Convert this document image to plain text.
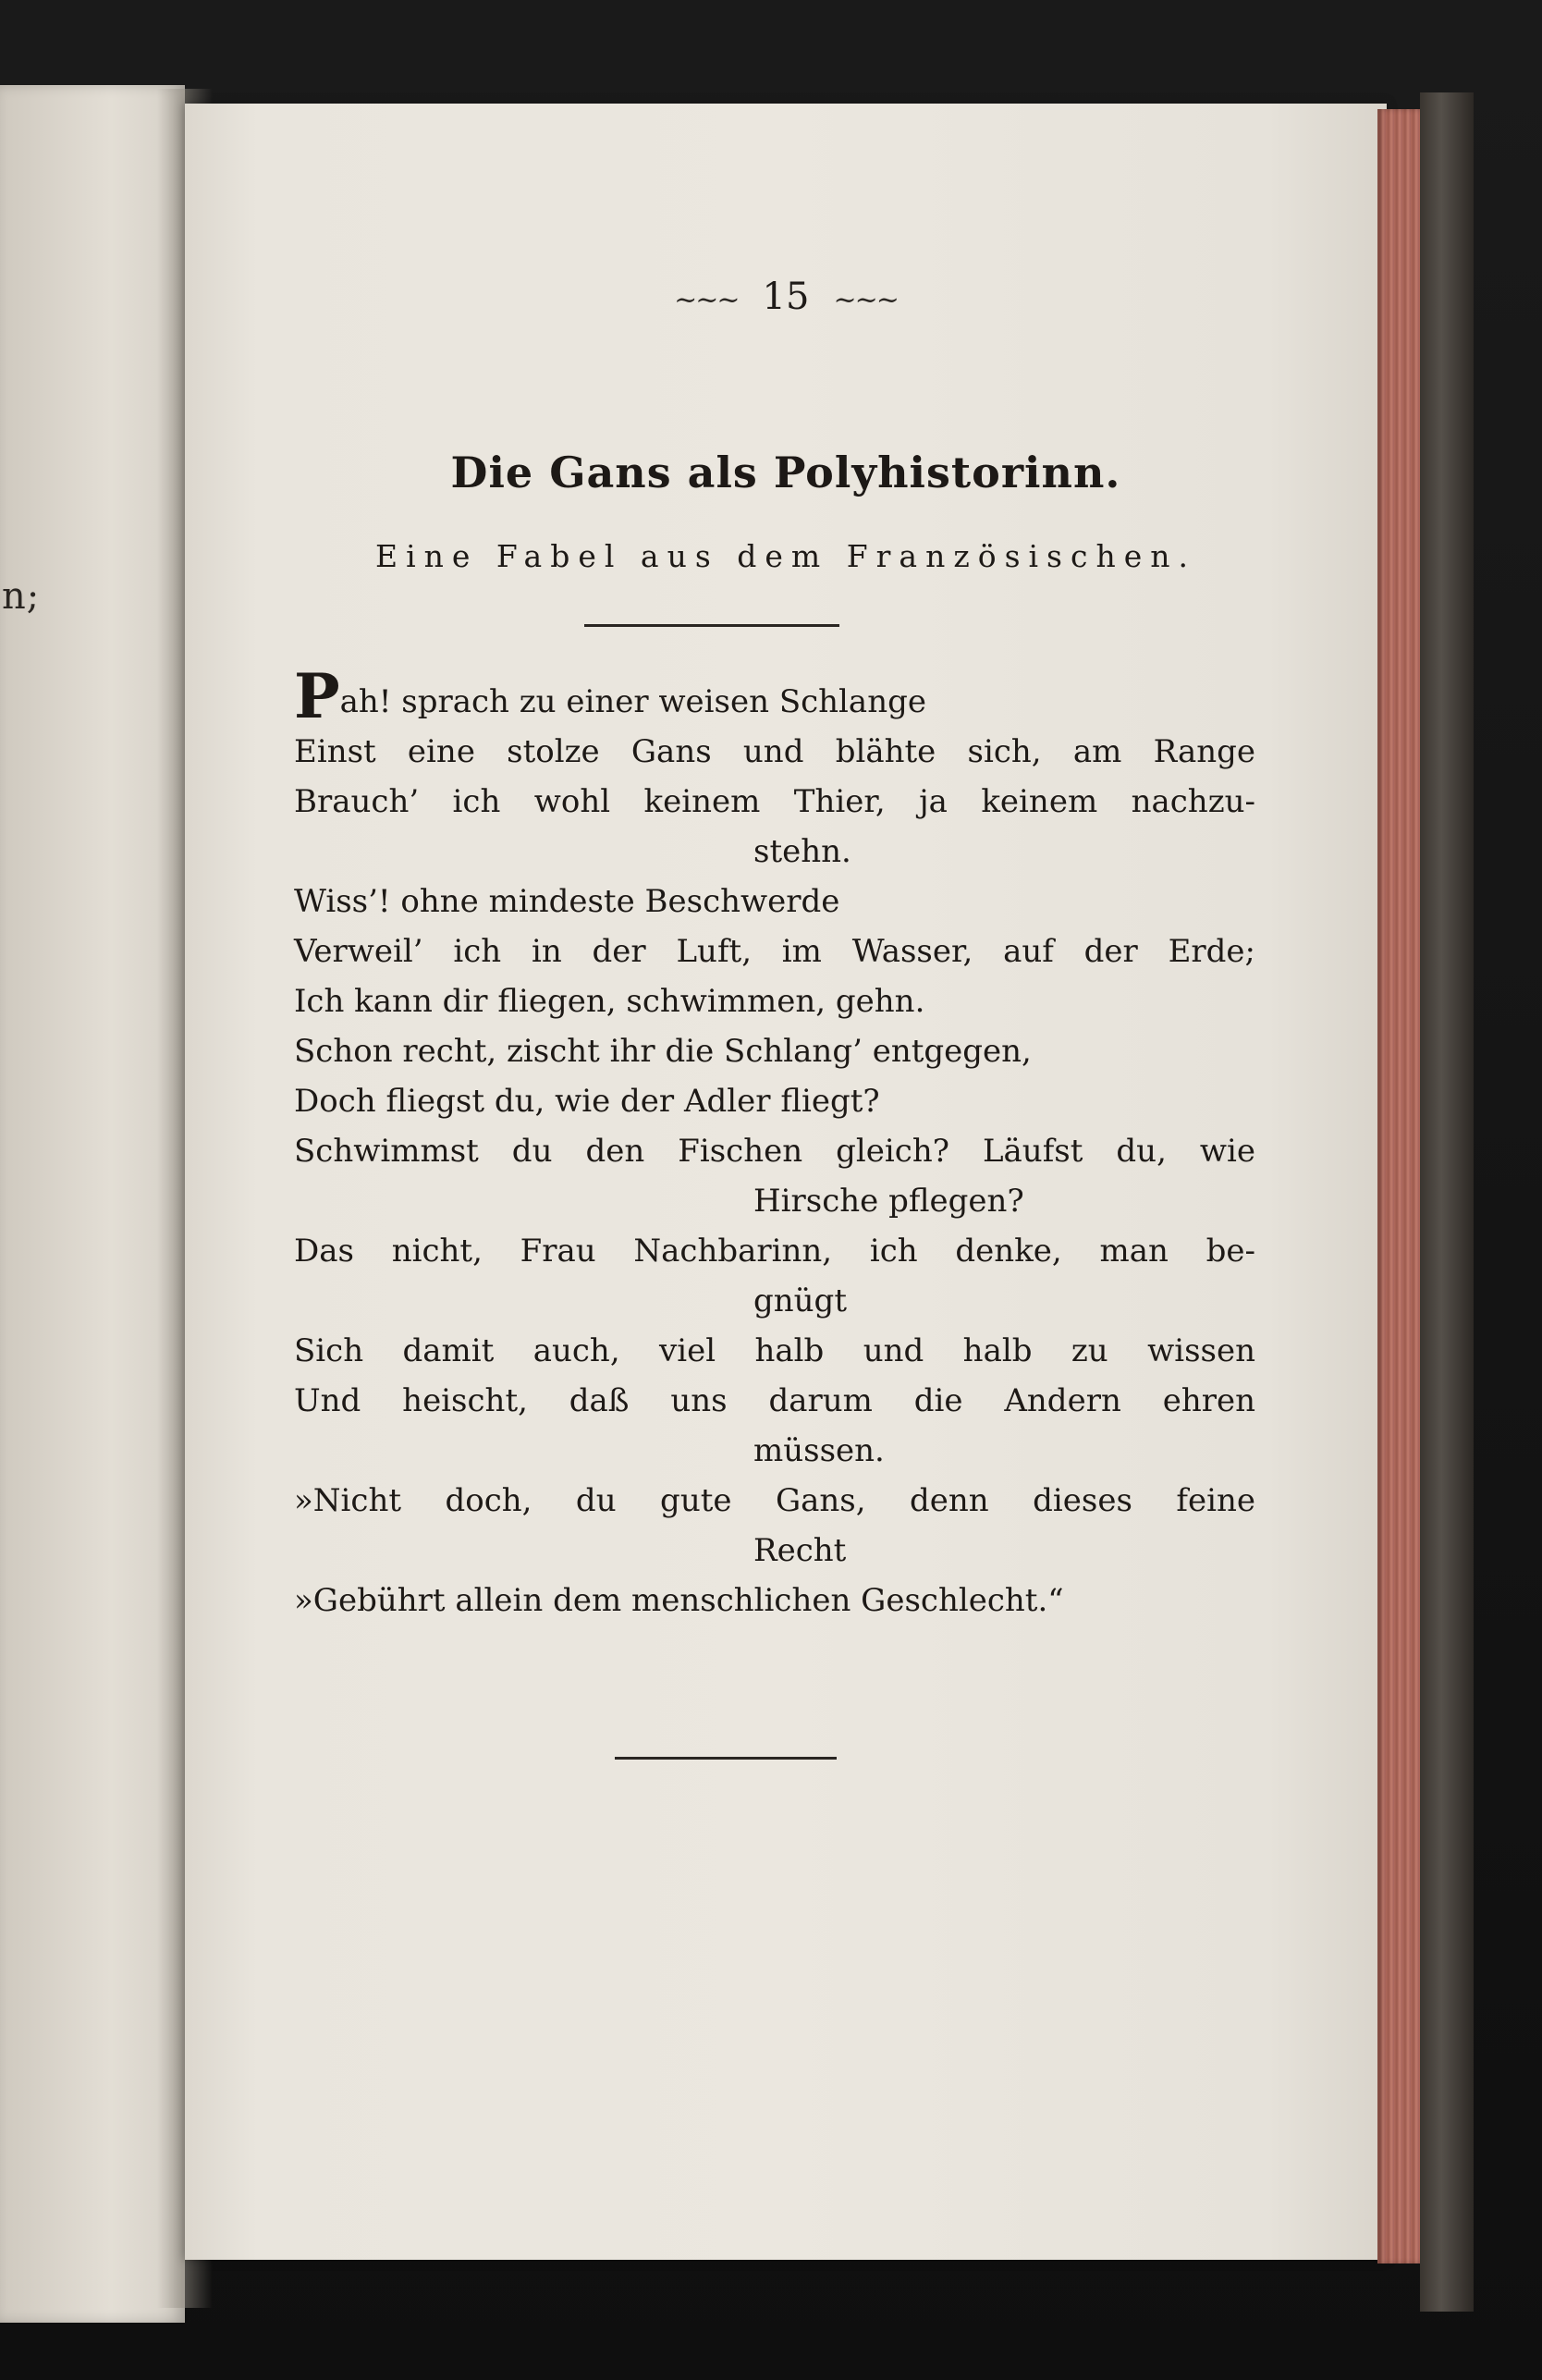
n;
~~~ 15 ~~~
Die Gans als Polyhistorinn.
Eine Fabel aus dem Französischen.
Pah! sprach zu einer weisen Schlange
Einst eine stolze Gans und blähte sich, am Range
Brauch’ ich wohl keinem Thier, ja keinem nachzu-
stehn.
Wiss’! ohne mindeste Beschwerde
Verweil’ ich in der Luft, im Wasser, auf der Erde;
Ich kann dir fliegen, schwimmen, gehn.
Schon recht, zischt ihr die Schlang’ entgegen,
Doch fliegst du, wie der Adler fliegt?
Schwimmst du den Fischen gleich? Läufst du, wie
Hirsche pflegen?
Das nicht, Frau Nachbarinn, ich denke, man be-
gnügt
Sich damit auch, viel halb und halb zu wissen
Und heischt, daß uns darum die Andern ehren
müssen.
»Nicht doch, du gute Gans, denn dieses feine
Recht
»Gebührt allein dem menschlichen Geschlecht.“
